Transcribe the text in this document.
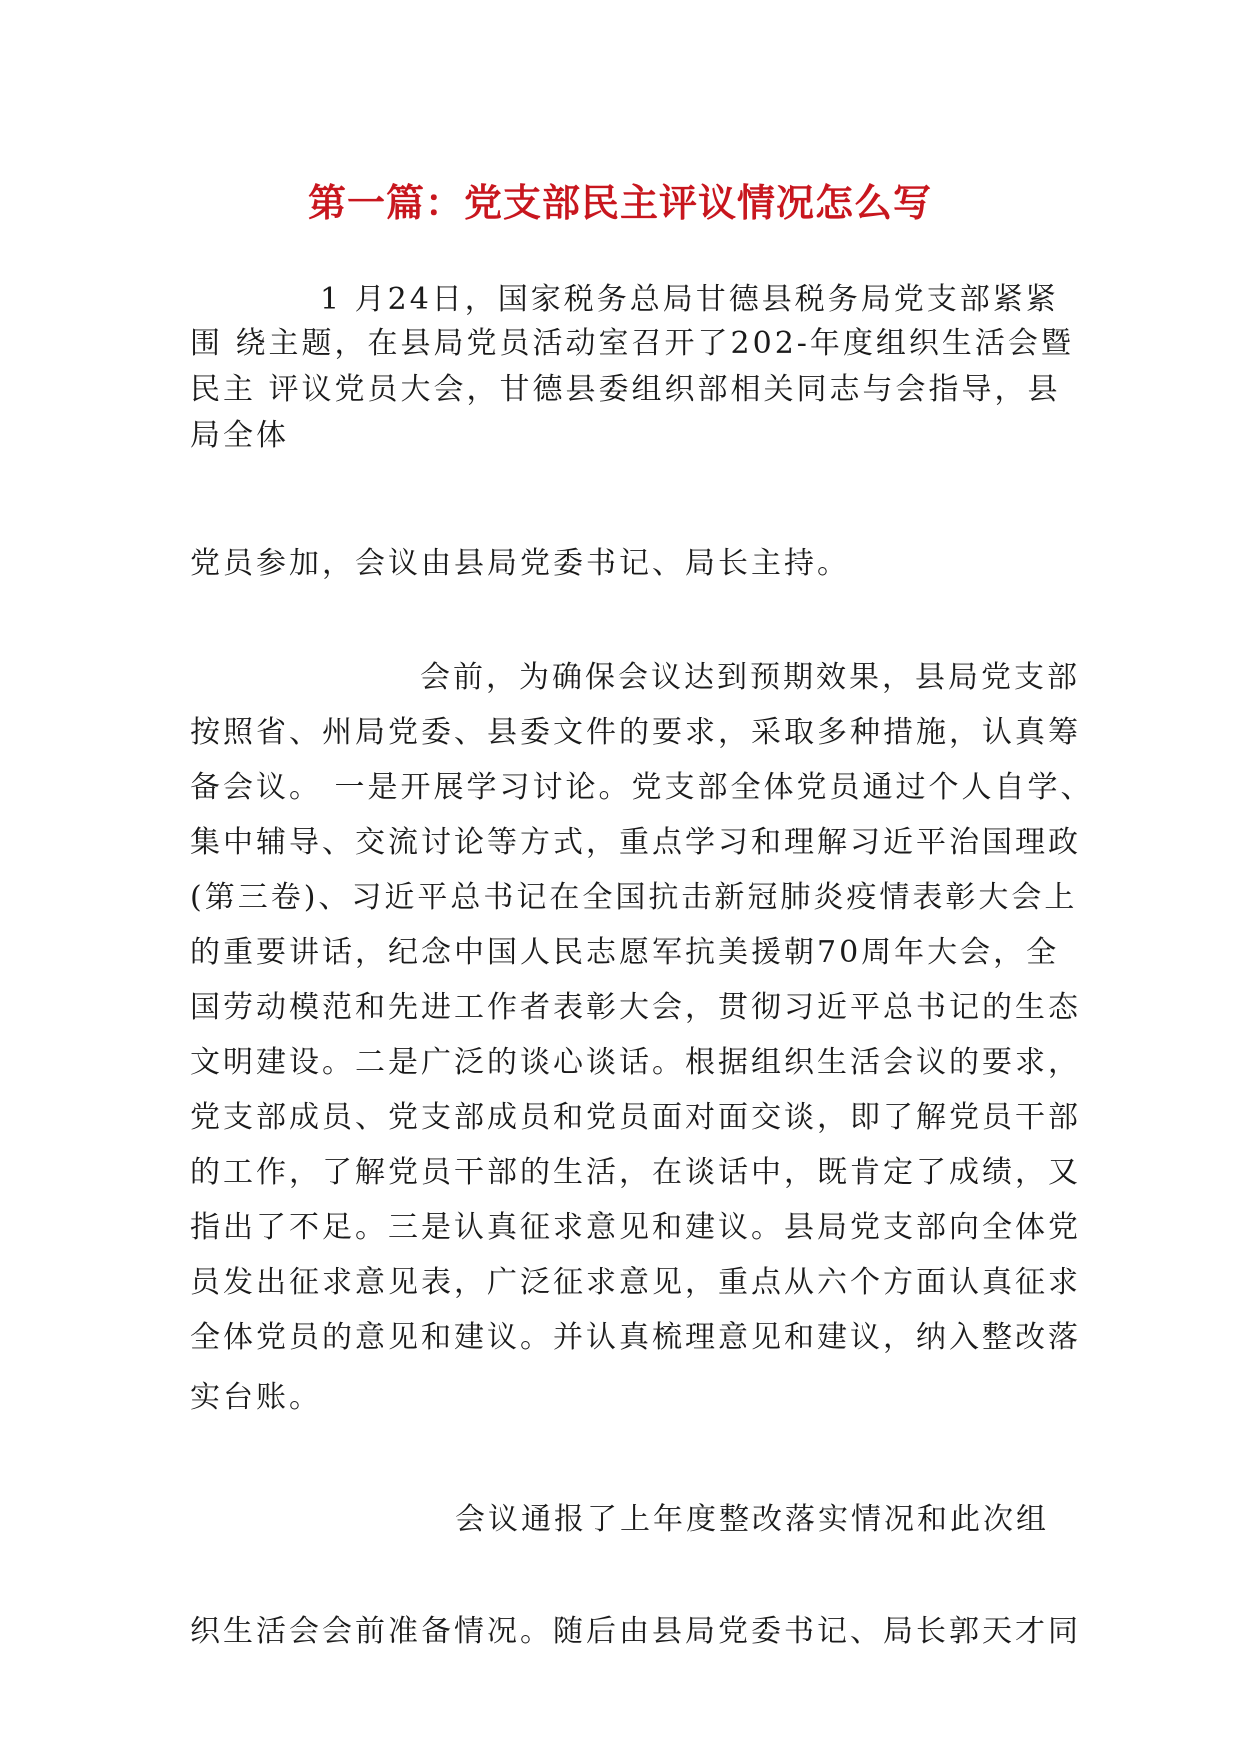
第一篇：党支部民主评议情况怎么写
1 月24日，国家税务总局甘德县税务局党支部紧紧
围 绕主题，在县局党员活动室召开了202-年度组织生活会暨
民主 评议党员大会，甘德县委组织部相关同志与会指导，县
局全体
党员参加，会议由县局党委书记、局长主持。
会前，为确保会议达到预期效果，县局党支部
按照省、州局党委、县委文件的要求，采取多种措施，认真筹
备会议。 一是开展学习讨论。党支部全体党员通过个人自学、
集中辅导、交流讨论等方式，重点学习和理解习近平治国理政
(第三卷)、习近平总书记在全国抗击新冠肺炎疫情表彰大会上
的重要讲话，纪念中国人民志愿军抗美援朝70周年大会，全
国劳动模范和先进工作者表彰大会，贯彻习近平总书记的生态
文明建设。二是广泛的谈心谈话。根据组织生活会议的要求，
党支部成员、党支部成员和党员面对面交谈，即了解党员干部
的工作，了解党员干部的生活，在谈话中，既肯定了成绩，又
指出了不足。三是认真征求意见和建议。县局党支部向全体党
员发出征求意见表，广泛征求意见，重点从六个方面认真征求
全体党员的意见和建议。并认真梳理意见和建议，纳入整改落
实台账。
会议通报了上年度整改落实情况和此次组
织生活会会前准备情况。随后由县局党委书记、局长郭天才同
